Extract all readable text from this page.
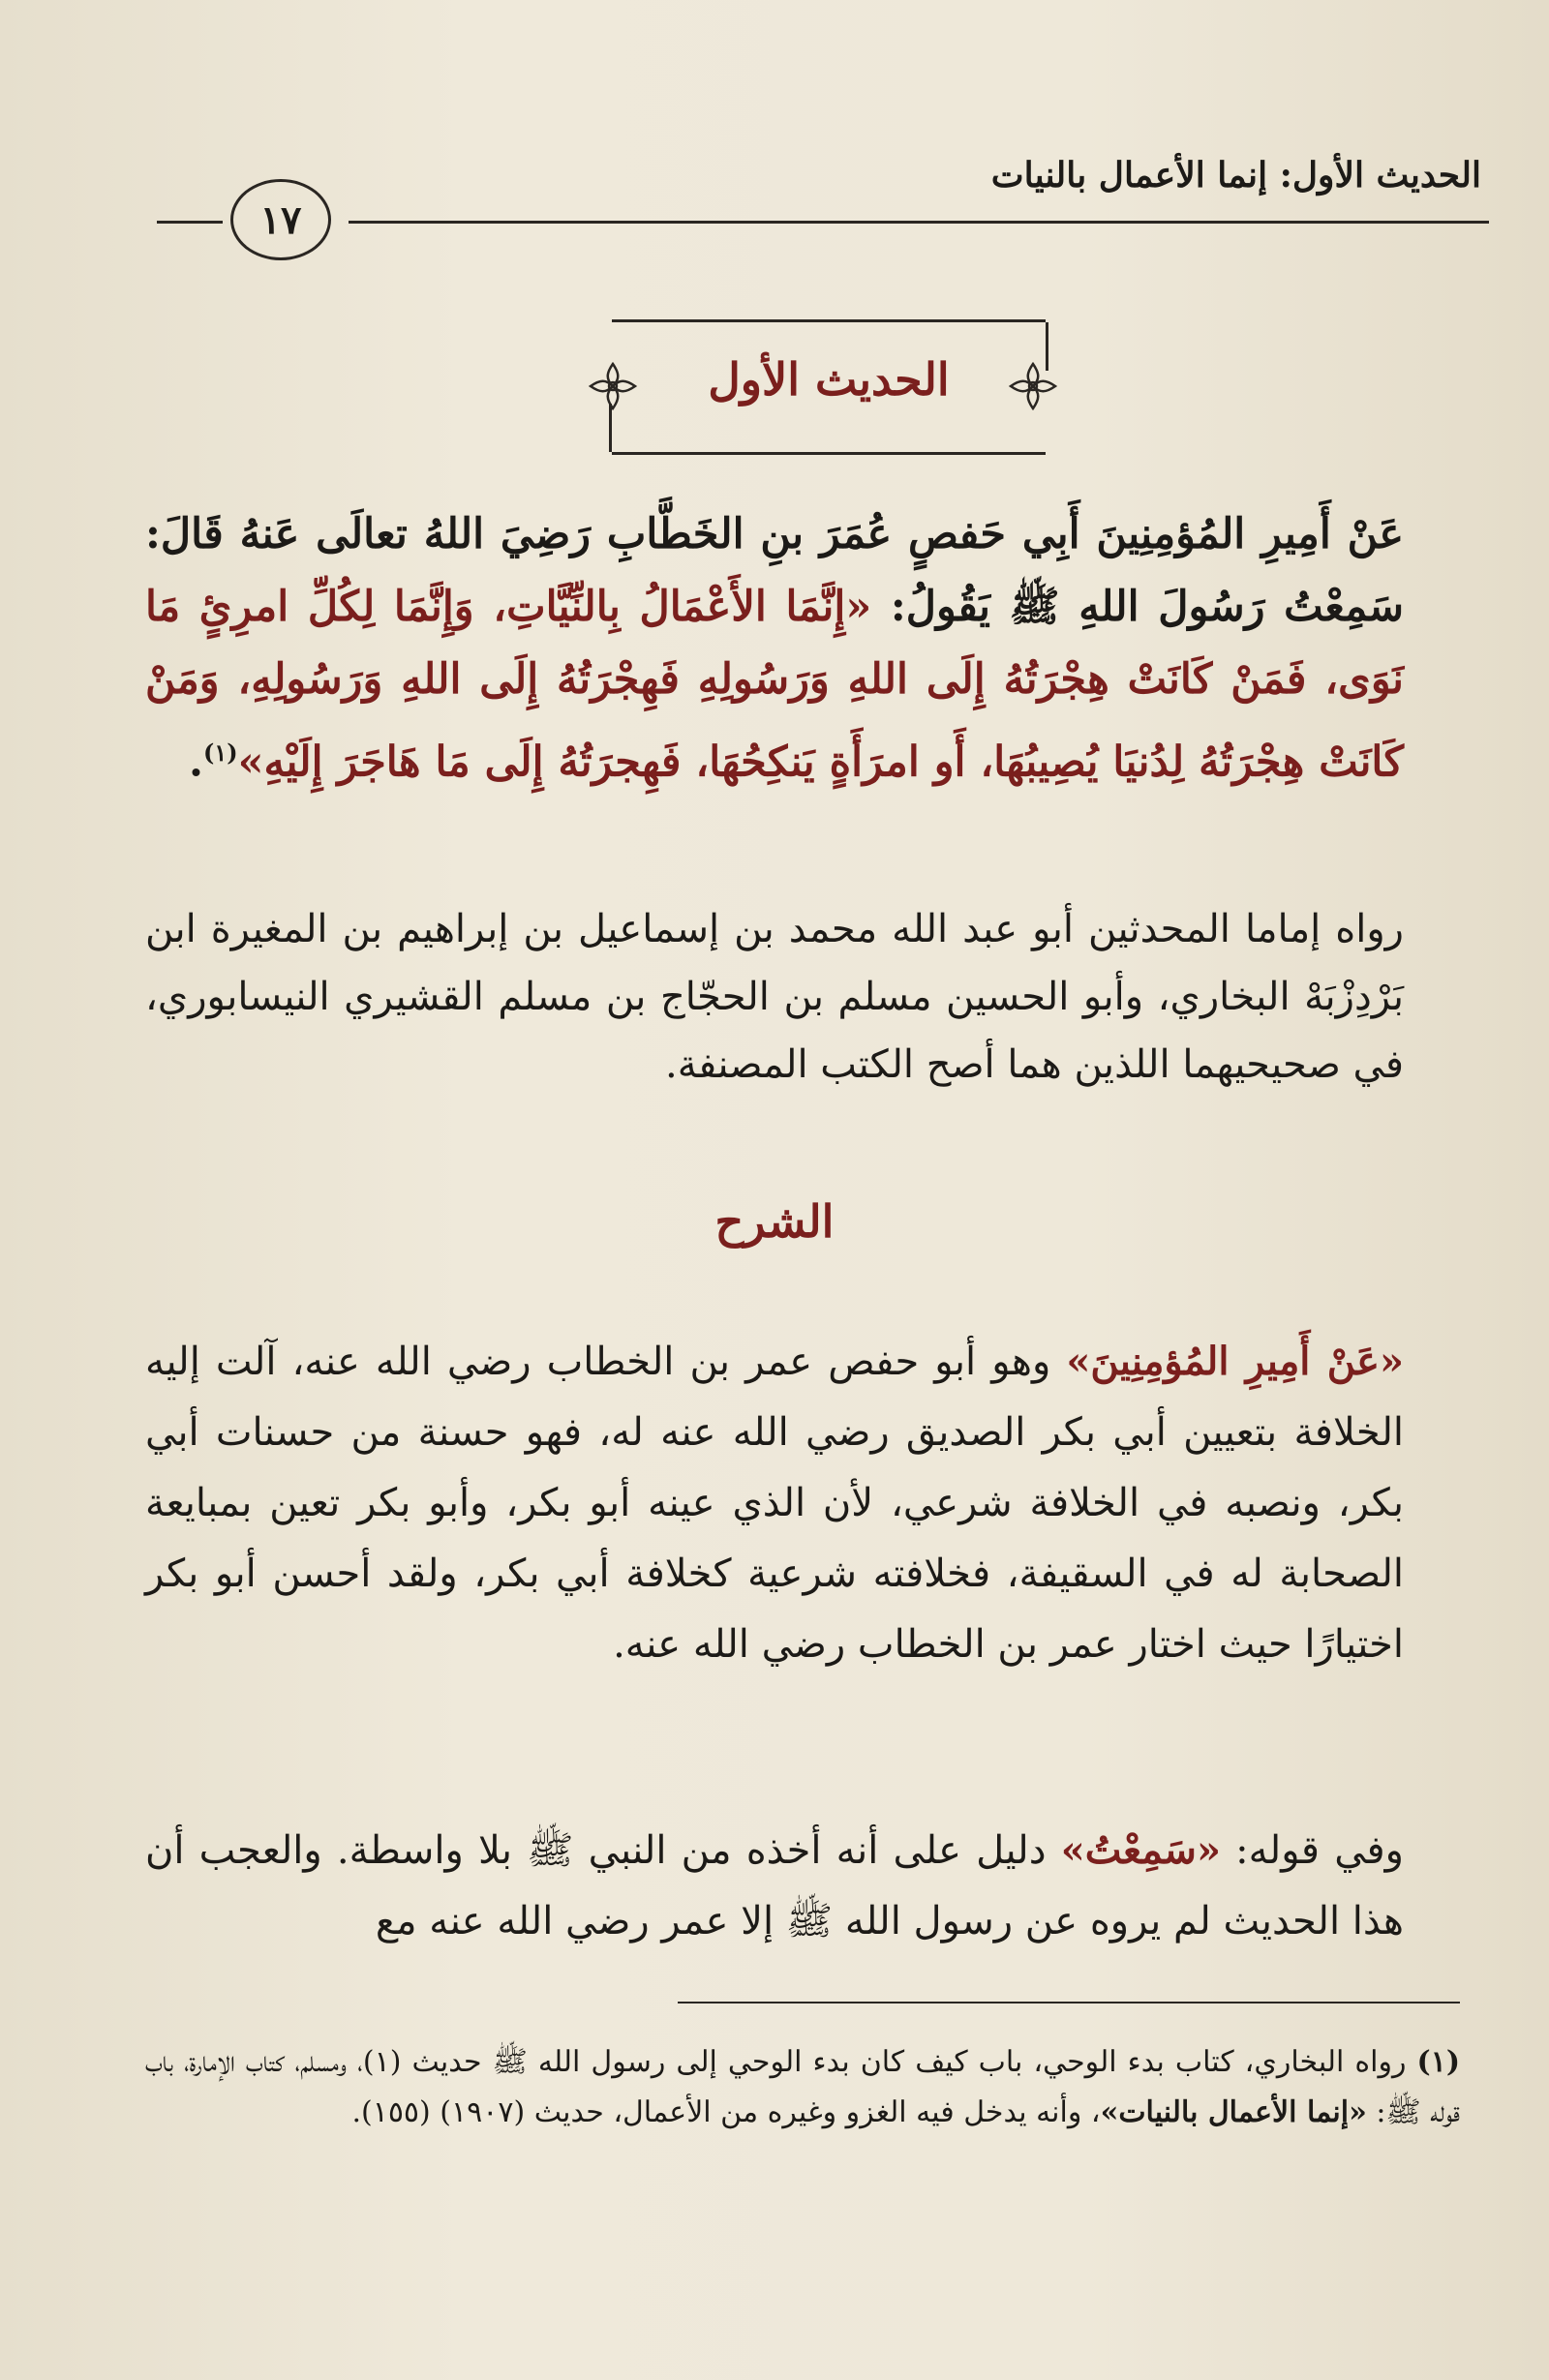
الحديث الأول: إنما الأعمال بالنيات
١٧
الحديث الأول
عَنْ أَمِيرِ المُؤمِنِينَ أَبِي حَفصٍ عُمَرَ بنِ الخَطَّابِ رَضِيَ اللهُ تعالَى عَنهُ قَالَ: سَمِعْتُ رَسُولَ اللهِ ﷺ يَقُولُ: «إِنَّمَا الأَعْمَالُ بِالنِّيَّاتِ، وَإِنَّمَا لِكُلِّ امرِئٍ مَا نَوَى، فَمَنْ كَانَتْ هِجْرَتُهُ إِلَى اللهِ وَرَسُولِهِ فَهِجْرَتُهُ إِلَى اللهِ وَرَسُولِهِ، وَمَنْ كَانَتْ هِجْرَتُهُ لِدُنيَا يُصِيبُهَا، أَو امرَأَةٍ يَنكِحُهَا، فَهِجرَتُهُ إِلَى مَا هَاجَرَ إِلَيْهِ»$^{(١)}$.
رواه إماما المحدثين أبو عبد الله محمد بن إسماعيل بن إبراهيم بن المغيرة ابن بَرْدِزْبَهْ البخاري، وأبو الحسين مسلم بن الحجّاج بن مسلم القشيري النيسابوري، في صحيحيهما اللذين هما أصح الكتب المصنفة.
الشرح
«عَنْ أَمِيرِ المُؤمِنِينَ» وهو أبو حفص عمر بن الخطاب رضي الله عنه، آلت إليه الخلافة بتعيين أبي بكر الصديق رضي الله عنه له، فهو حسنة من حسنات أبي بكر، ونصبه في الخلافة شرعي، لأن الذي عينه أبو بكر، وأبو بكر تعين بمبايعة الصحابة له في السقيفة، فخلافته شرعية كخلافة أبي بكر، ولقد أحسن أبو بكر اختيارًا حيث اختار عمر بن الخطاب رضي الله عنه.
وفي قوله: «سَمِعْتُ» دليل على أنه أخذه من النبي ﷺ بلا واسطة. والعجب أن هذا الحديث لم يروه عن رسول الله ﷺ إلا عمر رضي الله عنه مع
(١) رواه البخاري، كتاب بدء الوحي، باب كيف كان بدء الوحي إلى رسول الله ﷺ حديث (١)، ومسلم، كتاب الإمارة، باب قوله ﷺ: «إنما الأعمال بالنيات»، وأنه يدخل فيه الغزو وغيره من الأعمال، حديث (١٩٠٧) (١٥٥).
